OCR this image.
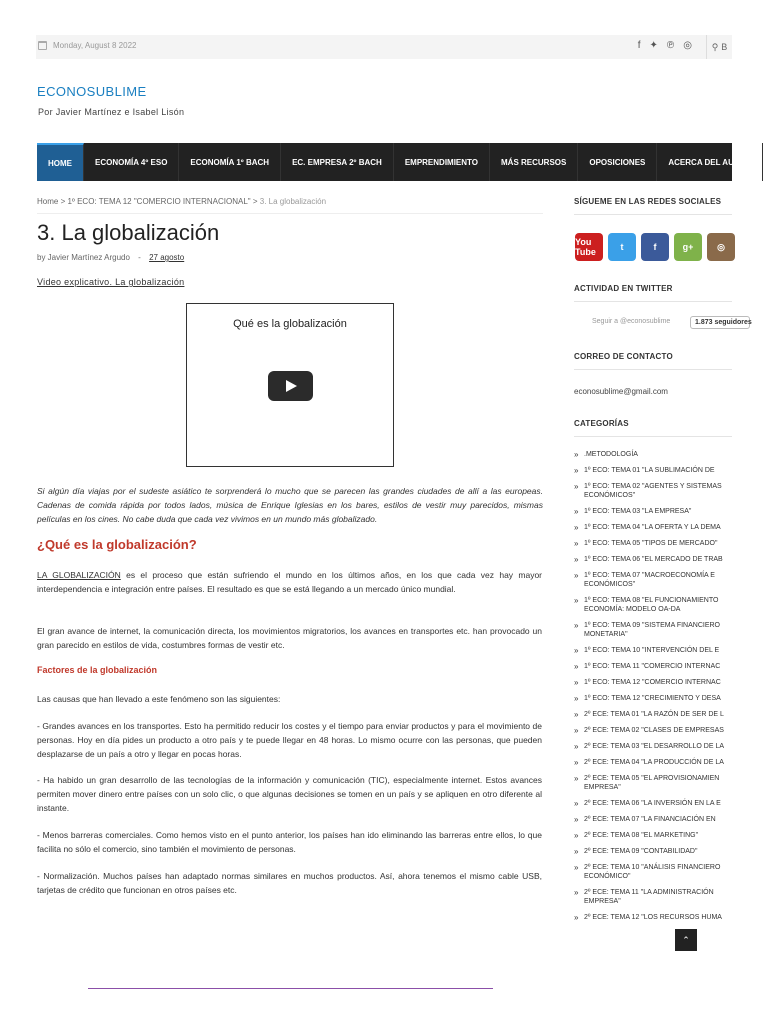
Monday, August 8 2022	f ✦ ℗ ◎ ⚲ B
ECONOSUBLIME
Por Javier Martínez e Isabel Lisón
HOME	ECONOMÍA 4º ESO	ECONOMÍA 1º BACH	EC. EMPRESA 2º BACH	EMPRENDIMIENTO	MÁS RECURSOS	OPOSICIONES	ACERCA DEL AUTOR
Home > 1º ECO: TEMA 12 "COMERCIO INTERNACIONAL" > 3. La globalización
3. La globalización
by Javier Martínez Argudo - 27 agosto
Video explicativo. La globalización
Qué es la globalización
Si algún día viajas por el sudeste asiático te sorprenderá lo mucho que se parecen las grandes ciudades de allí a las europeas. Cadenas de comida rápida por todos lados, música de Enrique Iglesias en los bares, estilos de vestir muy parecidos, mismas películas en los cines. No cabe duda que cada vez vivimos en un mundo más globalizado.
¿Qué es la globalización?
LA GLOBALIZACIÓN es el proceso que están sufriendo el mundo en los últimos años, en los que cada vez hay mayor interdependencia e integración entre países. El resultado es que se está llegando a un mercado único mundial.
El gran avance de internet, la comunicación directa, los movimientos migratorios, los avances en transportes etc. han provocado un gran parecido en estilos de vida, costumbres formas de vestir etc.
Factores de la globalización
Las causas que han llevado a este fenómeno son las siguientes:
- Grandes avances en los transportes. Esto ha permitido reducir los costes y el tiempo para enviar productos y para el movimiento de personas. Hoy en día pides un producto a otro país y te puede llegar en 48 horas. Lo mismo ocurre con las personas, que pueden desplazarse de un país a otro y llegar en pocas horas.
- Ha habido un gran desarrollo de las tecnologías de la información y comunicación (TIC), especialmente internet. Estos avances permiten mover dinero entre países con un solo clic, o que algunas decisiones se tomen en un país y se apliquen en otro diferente al instante.
- Menos barreras comerciales. Como hemos visto en el punto anterior, los países han ido eliminando las barreras entre ellos, lo que facilita no sólo el comercio, sino también el movimiento de personas.
- Normalización. Muchos países han adaptado normas similares en muchos productos. Así, ahora tenemos el mismo cable USB, tarjetas de crédito que funcionan en otros países etc.
SÍGUEME EN LAS REDES SOCIALES
You Tube	t	f	g+	◎
ACTIVIDAD EN TWITTER
Seguir a @econosublime	1.873 seguidores
CORREO DE CONTACTO
econosublime@gmail.com
CATEGORÍAS
» .METODOLOGÍA
» 1º ECO: TEMA 01 "LA SUBLIMACIÓN DE
» 1º ECO: TEMA 02 "AGENTES Y SISTEMAS ECONÓMICOS"
» 1º ECO: TEMA 03 "LA EMPRESA"
» 1º ECO: TEMA 04 "LA OFERTA Y LA DEMA
» 1º ECO: TEMA 05 "TIPOS DE MERCADO"
» 1º ECO: TEMA 06 "EL MERCADO DE TRAB
» 1º ECO: TEMA 07 "MACROECONOMÍA E ECONÓMICOS"
» 1º ECO: TEMA 08 "EL FUNCIONAMIENTO ECONOMÍA: MODELO OA-DA
» 1º ECO: TEMA 09 "SISTEMA FINANCIERO MONETARIA"
» 1º ECO: TEMA 10 "INTERVENCIÓN DEL E
» 1º ECO: TEMA 11 "COMERCIO INTERNAC
» 1º ECO: TEMA 12 "COMERCIO INTERNAC
» 1º ECO: TEMA 12 "CRECIMIENTO Y DESA
» 2º ECE: TEMA 01 "LA RAZÓN DE SER DE L
» 2º ECE: TEMA 02 "CLASES DE EMPRESAS
» 2º ECE: TEMA 03 "EL DESARROLLO DE LA
» 2º ECE: TEMA 04 "LA PRODUCCIÓN DE LA
» 2º ECE: TEMA 05 "EL APROVISIONAMIEN EMPRESA"
» 2º ECE: TEMA 06 "LA INVERSIÓN EN LA E
» 2º ECE: TEMA 07 "LA FINANCIACIÓN EN
» 2º ECE: TEMA 08 "EL MARKETING"
» 2º ECE: TEMA 09 "CONTABILIDAD"
» 2º ECE: TEMA 10 "ANÁLISIS FINANCIERO ECONÓMICO"
» 2º ECE: TEMA 11 "LA ADMINISTRACIÓN EMPRESA"
» 2º ECE: TEMA 12 "LOS RECURSOS HUMA
⌃
